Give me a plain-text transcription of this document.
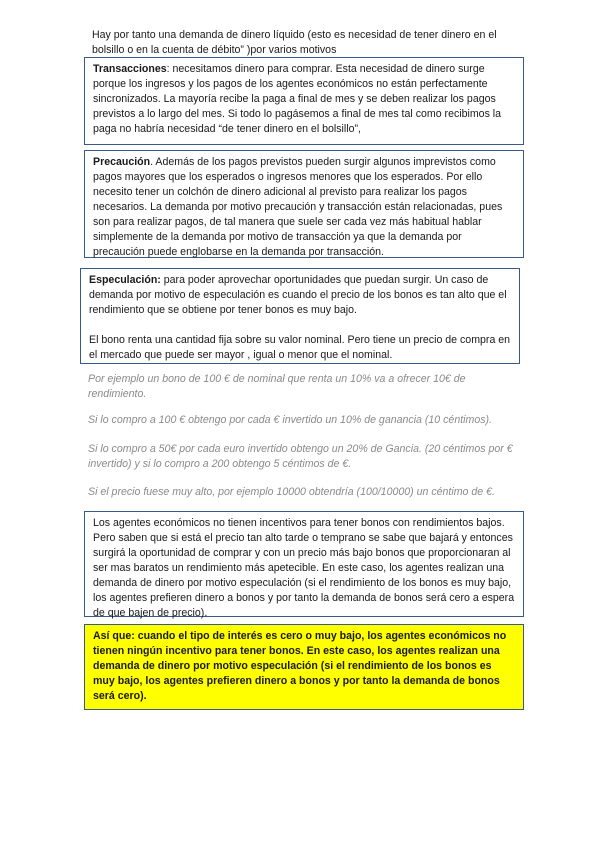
Hay por tanto una demanda de dinero líquido (esto es necesidad de tener dinero en el bolsillo o en la cuenta de débito” )por varios motivos
Transacciones: necesitamos dinero para comprar. Esta necesidad de dinero surge porque los ingresos y los pagos de los agentes económicos no están perfectamente sincronizados. La mayoría recibe la paga a final de mes y se deben realizar los pagos previstos a lo largo del mes. Si todo lo pagásemos a final de mes tal como recibimos la paga no habría necesidad “de tener dinero en el bolsillo”,
Precaución. Además de los pagos previstos pueden surgir algunos imprevistos como pagos mayores que los esperados o ingresos menores que los esperados. Por ello necesito tener un colchón de dinero adicional al previsto para realizar los pagos necesarios. La demanda por motivo precaución y transacción están relacionadas, pues son para realizar pagos, de tal manera que suele ser cada vez más habitual hablar simplemente de la demanda por motivo de transacción ya que la demanda por precaución puede englobarse en la demanda por transacción.

Especulación: para poder aprovechar oportunidades que puedan surgir. Un caso de demanda por motivo de especulación es cuando el precio de los bonos es tan alto que el rendimiento que se obtiene por tener bonos es muy bajo.

El bono renta una cantidad fija sobre su valor nominal. Pero tiene un precio de compra en el mercado que puede ser mayor , igual o menor que el nominal.

Por ejemplo un bono de 100 € de nominal que renta un 10% va a ofrecer 10€ de rendimiento.
Si lo compro a 100 € obtengo por cada € invertido un 10% de ganancia (10 céntimos).
Si lo compro a 50€ por cada euro invertido obtengo un 20% de Gancia. (20 céntimos por € invertido) y si lo compro a 200 obtengo 5 céntimos de €.
Si el precio fuese muy alto, por ejemplo 10000 obtendría (100/10000) un céntimo de €.
Los agentes económicos no tienen incentivos para tener bonos con rendimientos bajos. Pero saben que si está el precio tan alto tarde o temprano se sabe que bajará y entonces surgirá la oportunidad de comprar y con un precio más bajo bonos que proporcionaran al ser mas baratos un rendimiento más apetecible. En este caso, los agentes realizan una demanda de dinero por motivo especulación (si el rendimiento de los bonos es muy bajo, los agentes prefieren dinero a bonos y por tanto la demanda de bonos será cero a espera de que bajen de precio).
Así que: cuando el tipo de interés es cero o muy bajo, los agentes económicos no tienen ningún incentivo para tener bonos. En este caso, los agentes realizan una demanda de dinero por motivo especulación (si el rendimiento de los bonos es muy bajo, los agentes prefieren dinero a bonos y por tanto la demanda de bonos será cero).
